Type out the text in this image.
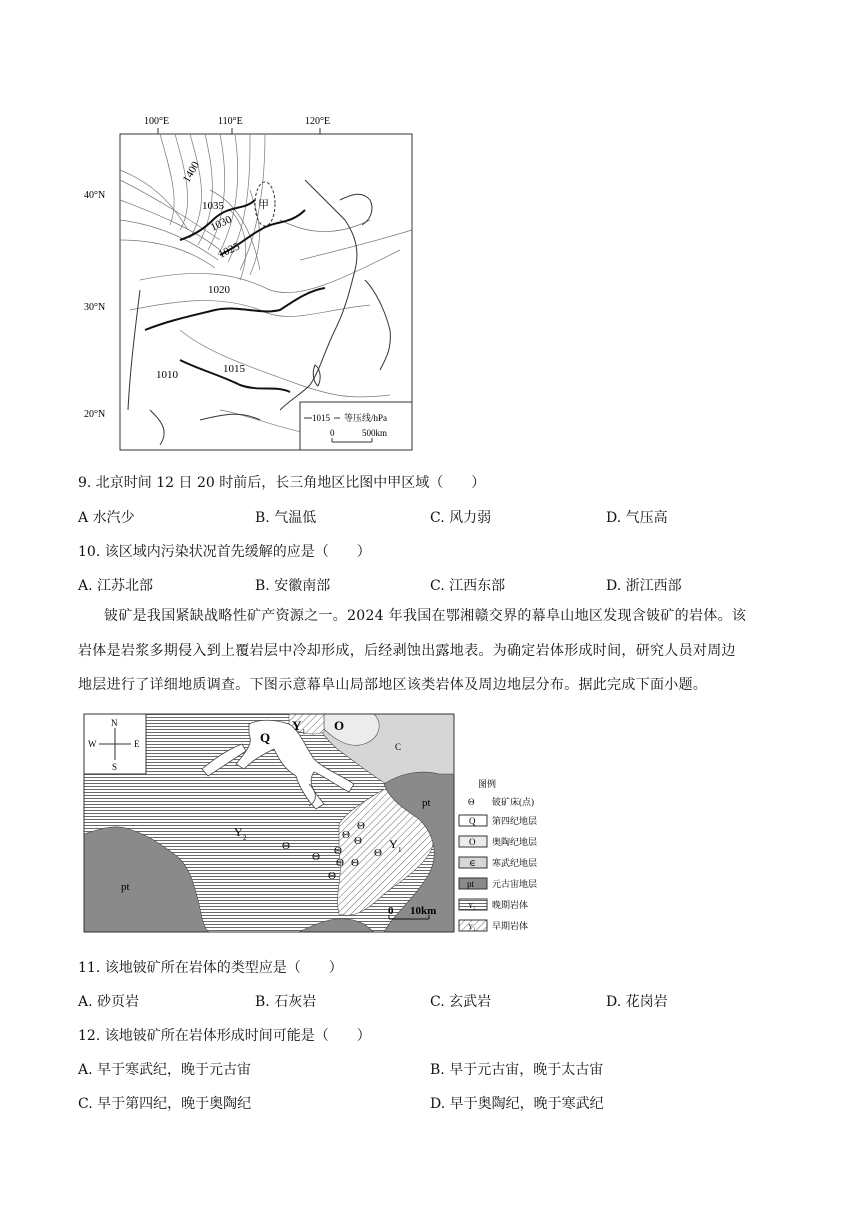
100°E	110°E	120°E
40°N
30°N
20°N
甲
1400
1035
1030
1025
1020
1015
1010
1015 等压线/hPa
0	500km
9. 北京时间 12 日 20 时前后，长三角地区比图中甲区域（　　）
A 水汽少	B. 气温低	C. 风力弱	D. 气压高
10. 该区域内污染状况首先缓解的应是（　　）
A. 江苏北部	B. 安徽南部	C. 江西东部	D. 浙江西部
铍矿是我国紧缺战略性矿产资源之一。2024 年我国在鄂湘赣交界的幕阜山地区发现含铍矿的岩体。该
岩体是岩浆多期侵入到上覆岩层中冷却形成，后经剥蚀出露地表。为确定岩体形成时间，研究人员对周边
地层进行了详细地质调查。下图示意幕阜山局部地区该类岩体及周边地层分布。据此完成下面小题。
N
S
W	E	Q
Y 1 O
C
pt
pt
Y 2	Y 1
Θ
Θ Θ
Θ
Θ
Θ
Θ Θ
Θ
Θ
0 10km
图例
Θ 铍矿床(点)
Q 第四纪地层
O 奥陶纪地层
∈ 寒武纪地层
pt 元古宙地层
Y₂ 晚期岩体
Y₁ 早期岩体
11. 该地铍矿所在岩体的类型应是（　　）
A. 砂页岩	B. 石灰岩	C. 玄武岩	D. 花岗岩
12. 该地铍矿所在岩体形成时间可能是（　　）
A. 早于寒武纪，晚于元古宙	B. 早于元古宙，晚于太古宙
C. 早于第四纪，晚于奥陶纪	D. 早于奥陶纪，晚于寒武纪
